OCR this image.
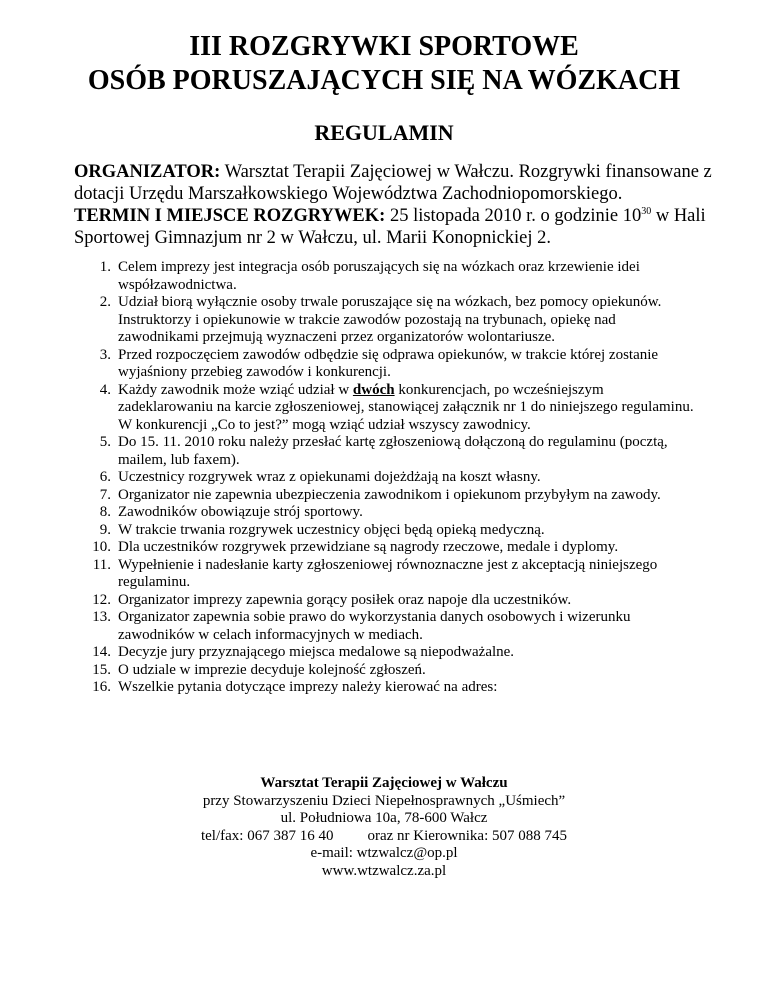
III ROZGRYWKI SPORTOWE
OSÓB PORUSZAJĄCYCH SIĘ NA WÓZKACH
REGULAMIN

ORGANIZATOR: Warsztat Terapii Zajęciowej w Wałczu. Rozgrywki finansowane z dotacji Urzędu Marszałkowskiego Województwa Zachodniopomorskiego.

TERMIN I MIEJSCE ROZGRYWEK: 25 listopada 2010 r. o godzinie $10^{30}$ w Hali Sportowej Gimnazjum nr 2 w Wałczu, ul. Marii Konopnickiej 2.

1. Celem imprezy jest integracja osób poruszających się na wózkach oraz krzewienie idei współzawodnictwa.
2. Udział biorą wyłącznie osoby trwale poruszające się na wózkach, bez pomocy opiekunów. Instruktorzy i opiekunowie w trakcie zawodów pozostają na trybunach, opiekę nad zawodnikami przejmują wyznaczeni przez organizatorów wolontariusze.
3. Przed rozpoczęciem zawodów odbędzie się odprawa opiekunów, w trakcie której zostanie wyjaśniony przebieg zawodów i konkurencji.
4. Każdy zawodnik może wziąć udział w dwóch konkurencjach, po wcześniejszym zadeklarowaniu na karcie zgłoszeniowej, stanowiącej załącznik nr 1 do niniejszego regulaminu. W konkurencji „Co to jest?” mogą wziąć udział wszyscy zawodnicy.
5. Do 15. 11. 2010 roku należy przesłać kartę zgłoszeniową dołączoną do regulaminu (pocztą, mailem, lub faxem).
6. Uczestnicy rozgrywek wraz z opiekunami dojeżdżają na koszt własny.
7. Organizator nie zapewnia ubezpieczenia zawodnikom i opiekunom przybyłym na zawody.
8. Zawodników obowiązuje strój sportowy.
9. W trakcie trwania rozgrywek uczestnicy objęci będą opieką medyczną.
10. Dla uczestników rozgrywek przewidziane są nagrody rzeczowe, medale i dyplomy.
11. Wypełnienie i nadesłanie karty zgłoszeniowej równoznaczne jest z akceptacją niniejszego regulaminu.
12. Organizator imprezy zapewnia gorący posiłek oraz napoje dla uczestników.
13. Organizator zapewnia sobie prawo do wykorzystania danych osobowych i wizerunku zawodników w celach informacyjnych w mediach.
14. Decyzje jury przyznającego miejsca medalowe są niepodważalne.
15. O udziale w imprezie decyduje kolejność zgłoszeń.
16. Wszelkie pytania dotyczące imprezy należy kierować na adres:
Warsztat Terapii Zajęciowej w Wałczu
przy Stowarzyszeniu Dzieci Niepełnosprawnych „Uśmiech”
ul. Południowa 10a, 78-600 Wałcz
tel/fax: 067 387 16 40 oraz nr Kierownika: 507 088 745
e-mail: wtzwalcz@op.pl
www.wtzwalcz.za.pl
